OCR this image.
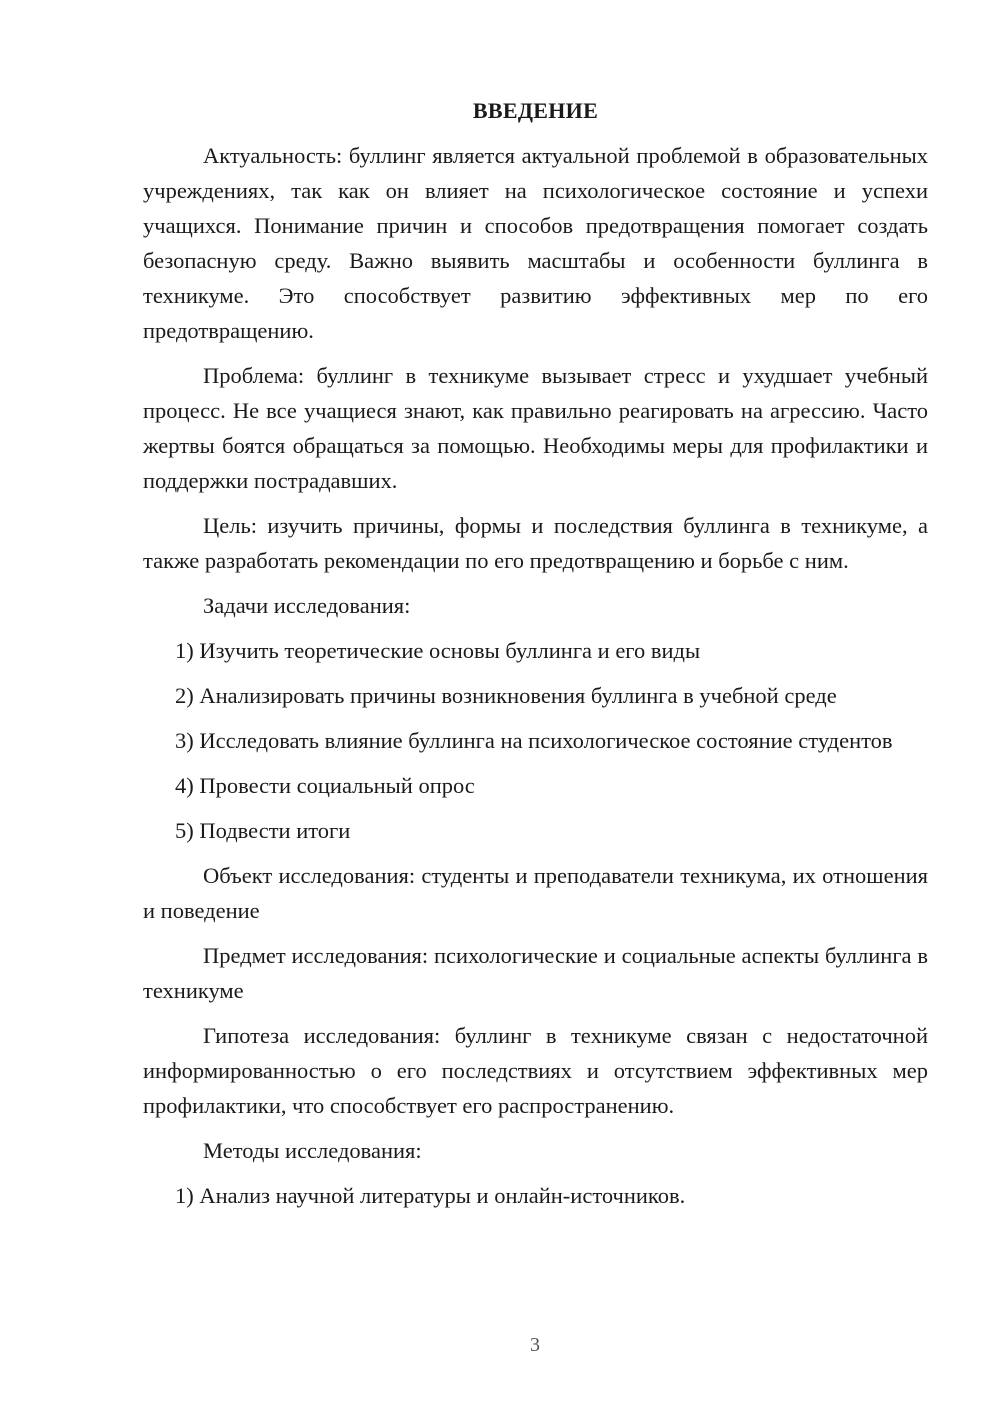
ВВЕДЕНИЕ

Актуальность: буллинг является актуальной проблемой в образовательных учреждениях, так как он влияет на психологическое состояние и успехи учащихся. Понимание причин и способов предотвращения помогает создать безопасную среду. Важно выявить масштабы и особенности буллинга в техникуме. Это способствует развитию эффективных мер по его предотвращению.

Проблема: буллинг в техникуме вызывает стресс и ухудшает учебный процесс. Не все учащиеся знают, как правильно реагировать на агрессию. Часто жертвы боятся обращаться за помощью. Необходимы меры для профилактики и поддержки пострадавших.

Цель: изучить причины, формы и последствия буллинга в техникуме, а также разработать рекомендации по его предотвращению и борьбе с ним.

Задачи исследования:

1) Изучить теоретические основы буллинга и его виды

2) Анализировать причины возникновения буллинга в учебной среде

3) Исследовать влияние буллинга на психологическое состояние студентов

4) Провести социальный опрос

5) Подвести итоги

Объект исследования: студенты и преподаватели техникума, их отношения и поведение

Предмет исследования: психологические и социальные аспекты буллинга в техникуме

Гипотеза исследования: буллинг в техникуме связан с недостаточной информированностью о его последствиях и отсутствием эффективных мер профилактики, что способствует его распространению.

Методы исследования:

1) Анализ научной литературы и онлайн-источников.

3
